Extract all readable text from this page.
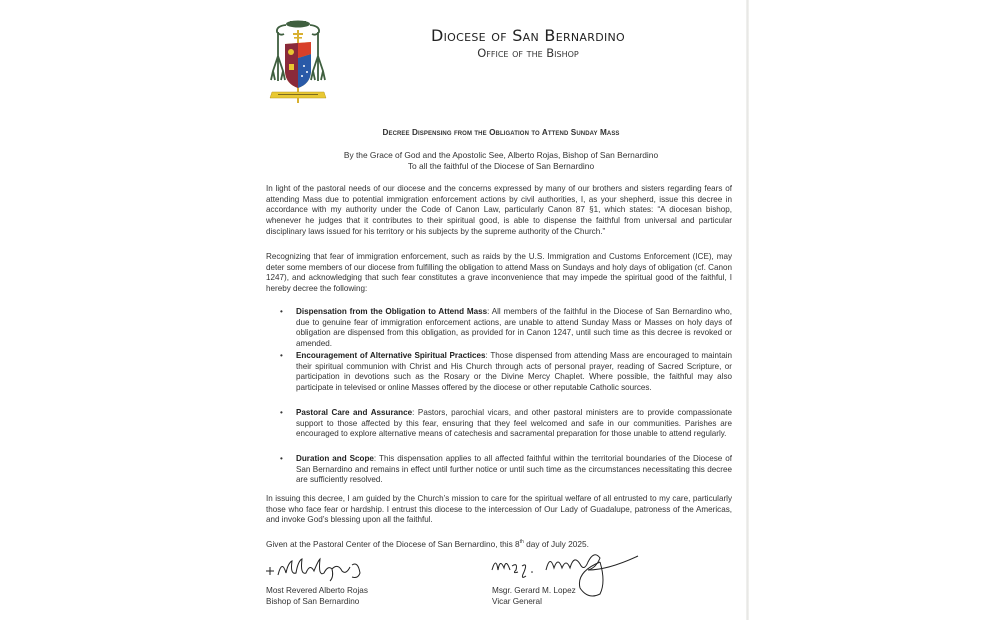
Diocese of San Bernardino
Office of the Bishop
Decree Dispensing from the Obligation to Attend Sunday Mass
By the Grace of God and the Apostolic See, Alberto Rojas, Bishop of San Bernardino
To all the faithful of the Diocese of San Bernardino
In light of the pastoral needs of our diocese and the concerns expressed by many of our brothers and sisters regarding fears of attending Mass due to potential immigration enforcement actions by civil authorities, I, as your shepherd, issue this decree in accordance with my authority under the Code of Canon Law, particularly Canon 87 §1, which states: “A diocesan bishop, whenever he judges that it contributes to their spiritual good, is able to dispense the faithful from universal and particular disciplinary laws issued for his territory or his subjects by the supreme authority of the Church.”
Recognizing that fear of immigration enforcement, such as raids by the U.S. Immigration and Customs Enforcement (ICE), may deter some members of our diocese from fulfilling the obligation to attend Mass on Sundays and holy days of obligation (cf. Canon 1247), and acknowledging that such fear constitutes a grave inconvenience that may impede the spiritual good of the faithful, I hereby decree the following:
• Dispensation from the Obligation to Attend Mass: All members of the faithful in the Diocese of San Bernardino who, due to genuine fear of immigration enforcement actions, are unable to attend Sunday Mass or Masses on holy days of obligation are dispensed from this obligation, as provided for in Canon 1247, until such time as this decree is revoked or amended.
• Encouragement of Alternative Spiritual Practices: Those dispensed from attending Mass are encouraged to maintain their spiritual communion with Christ and His Church through acts of personal prayer, reading of Sacred Scripture, or participation in devotions such as the Rosary or the Divine Mercy Chaplet. Where possible, the faithful may also participate in televised or online Masses offered by the diocese or other reputable Catholic sources.
• Pastoral Care and Assurance: Pastors, parochial vicars, and other pastoral ministers are to provide compassionate support to those affected by this fear, ensuring that they feel welcomed and safe in our communities. Parishes are encouraged to explore alternative means of catechesis and sacramental preparation for those unable to attend regularly.
• Duration and Scope: This dispensation applies to all affected faithful within the territorial boundaries of the Diocese of San Bernardino and remains in effect until further notice or until such time as the circumstances necessitating this decree are sufficiently resolved.
In issuing this decree, I am guided by the Church’s mission to care for the spiritual welfare of all entrusted to my care, particularly those who face fear or hardship. I entrust this diocese to the intercession of Our Lady of Guadalupe, patroness of the Americas, and invoke God’s blessing upon all the faithful.
Given at the Pastoral Center of the Diocese of San Bernardino, this 8th day of July 2025.
Most Revered Alberto Rojas
Bishop of San Bernardino
Msgr. Gerard M. Lopez
Vicar General
